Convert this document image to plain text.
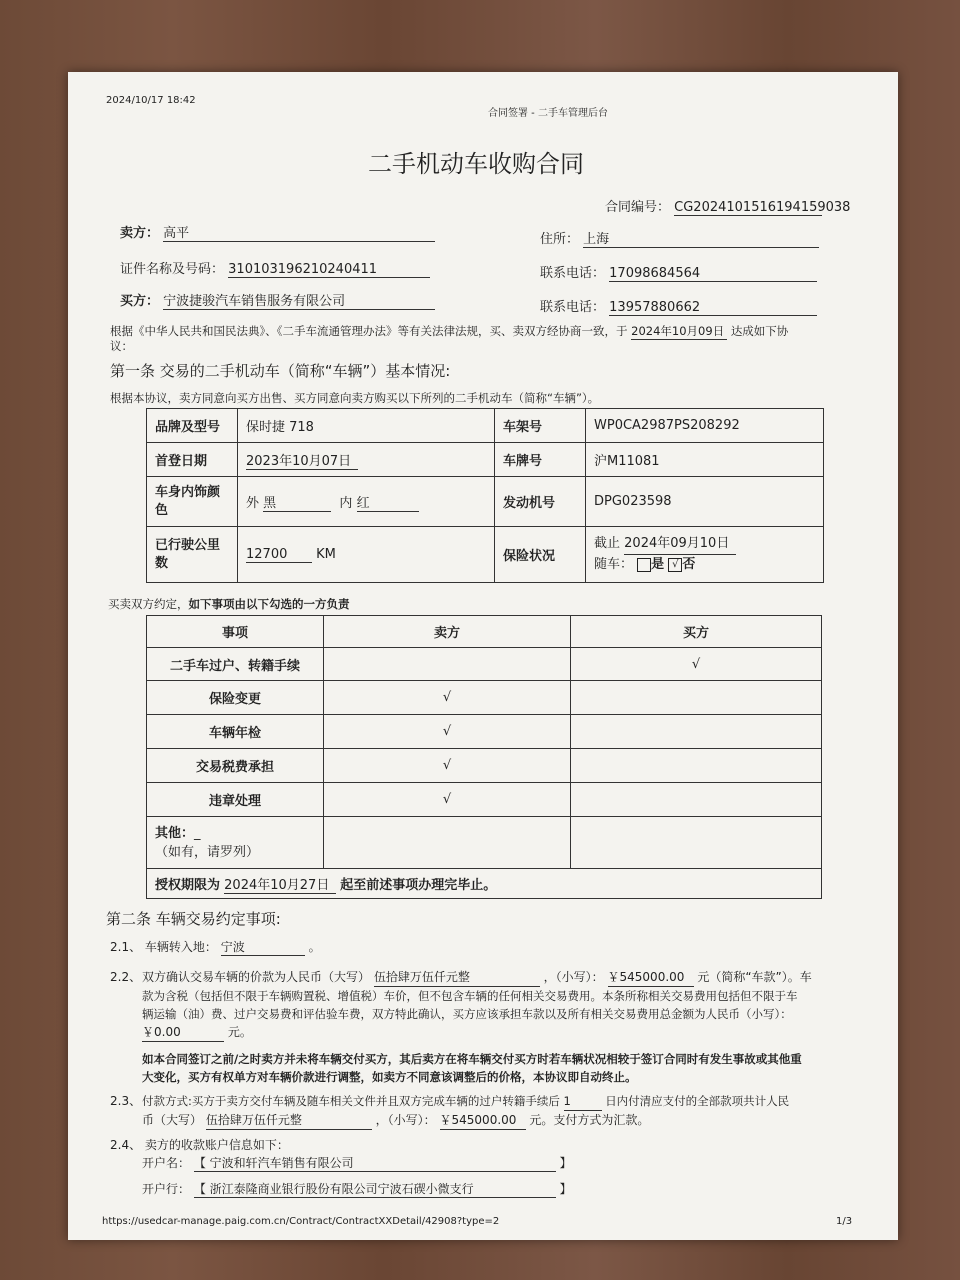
2024/10/17 18:42
合同签署 - 二手车管理后台
二手机动车收购合同
合同编号： CG20241015161941590​38
卖方： 高平	住所： 上海
证件名称及号码： 310103196210240411	联系电话： 17098684564
买方： 宁波捷骏汽车销售服务有限公司	联系电话： 13957880662
根据《中华人民共和国民法典》、《二手车流通管理办法》等有关法律法规，买、卖双方经协商一致，于 2024年10月09日 达成如下协
议：
第一条 交易的二手机动车（简称“车辆”）基本情况:
根据本协议，卖方同意向买方出售、买方同意向卖方购买以下所列的二手机动车（简称“车辆”）。
品牌及型号	保时捷 718	车架号	WP0CA2987PS208292
首登日期	2023年10月07日	车牌号	沪M11081
车身内饰颜色	外 黑 内 红	发动机号	DPG023598
已行驶公里数	12700 KM	保险状况	截止 2024年09月10日
随车： 是 √ 否
买卖双方约定，如下事项由以下勾选的一方负责
事项	卖方	买方
二手车过户、转籍手续		√
保险变更	√	
车辆年检	√	
交易税费承担	√	
违章处理	√	
其他：_
（如有，请罗列）		
授权期限为 2024年10月27日 起至前述事项办理完毕止。		
第二条 车辆交易约定事项:
2.1、 车辆转入地： 宁波	。
2.2、 双方确认交易车辆的价款为人民币（大写） 伍拾肆万伍仟元整	，（小写）： ￥545000.00 元（简称“车款”）。车
款为含税（包括但不限于车辆购置税、增值税）车价，但不包含车辆的任何相关交易费用。本条所称相关交易费用包括但不限于车
辆运输（油）费、过户交易费和评估验车费，双方特此确认，买方应该承担车款以及所有相关交易费用总金额为人民币（小写）：
￥0.00	元。
如本合同签订之前/之时卖方并未将车辆交付买方，其后卖方在将车辆交付买方时若车辆状况相较于签订合同时有发生事故或其他重
大变化，买方有权单方对车辆价款进行调整，如卖方不同意该调整后的价格，本协议即自动终止。
2.3、 付款方式:买方于卖方交付车辆及随车相关文件并且双方完成车辆的过户转籍手续后 1	日内付清应支付的全部款项共计人民
币（大写） 伍拾肆万伍仟元整	，（小写）： ￥545000.00 元。支付方式为汇款。
2.4、 卖方的收款账户信息如下：
开户名： 【 宁波和轩汽车销售有限公司	】
开户行： 【 浙江泰隆商业银行股份有限公司宁波石碶小微支行	】
https://usedcar-manage.paig.com.cn/Contract/ContractXXDetail/42908?type=2	1/3
